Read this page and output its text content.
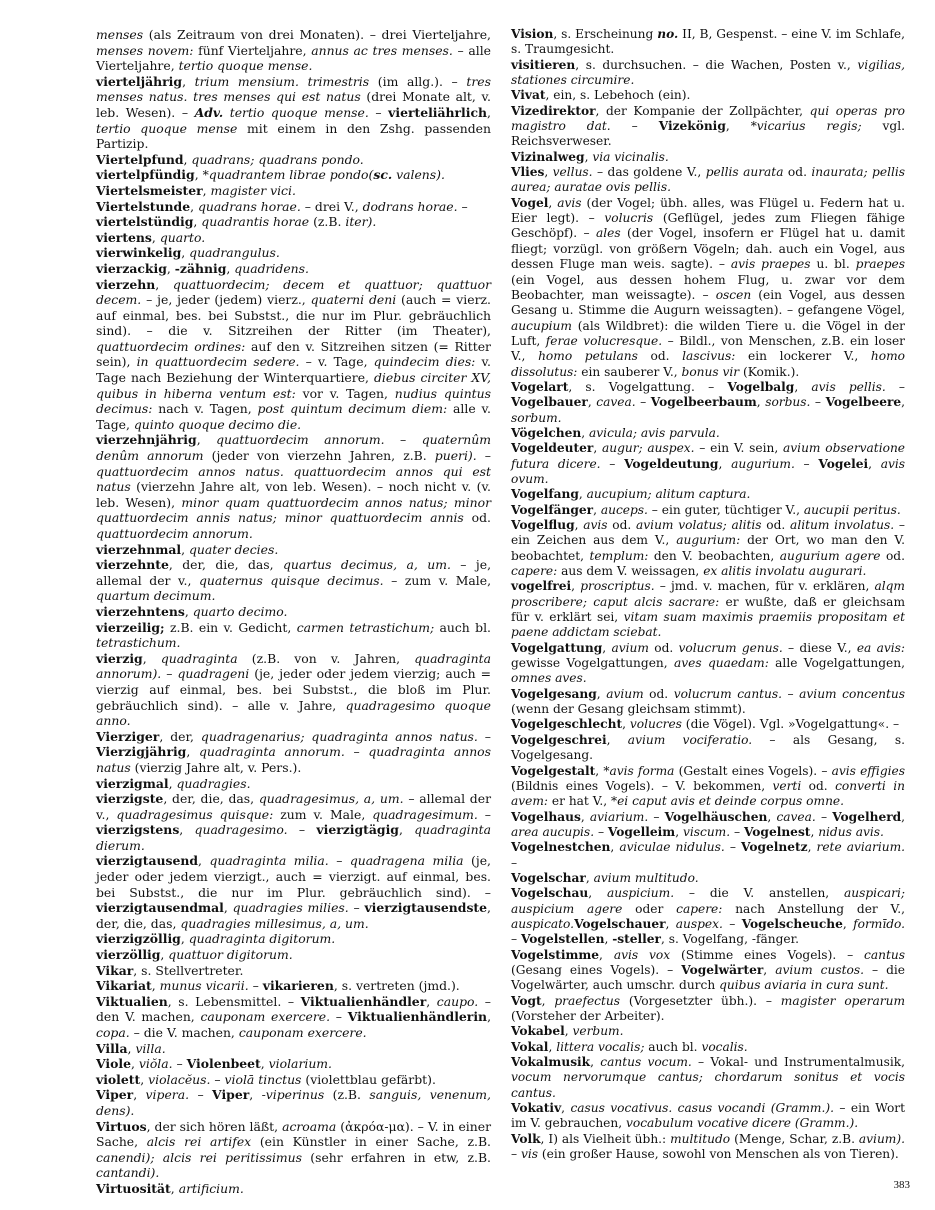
menses (als Zeitraum von drei Monaten). – drei Vierteljahre, menses novem: fünf Vierteljahre, annus ac tres menses. – alle Vierteljahre, tertio quoque mense.

vierteljährig, trium mensium. trimestris (im allg.). – tres menses natus. tres menses qui est natus (drei Monate alt, v. leb. Wesen). – Adv. tertio quoque mense. – vierteliährlich, tertio quoque mense mit einem in den Zshg. passenden Partizip.

Viertelpfund, quadrans; quadrans pondo.

viertelpfündig, *quadrantem librae pondo(sc. valens).

Viertelsmeister, magister vici.

Viertelstunde, quadrans horae. – drei V., dodrans horae. –

viertelstündig, quadrantis horae (z.B. iter).

viertens, quarto.

vierwinkelig, quadrangulus.

vierzackig, -zähnig, quadridens.

vierzehn, quattuordecim; decem et quattuor; quattuor decem. – je, jeder (jedem) vierz., quaterni deni (auch = vierz. auf einmal, bes. bei Substst., die nur im Plur. gebräuchlich sind). – die v. Sitzreihen der Ritter (im Theater), quattuordecim ordines: auf den v. Sitzreihen sitzen (= Ritter sein), in quattuordecim sedere. – v. Tage, quindecim dies: v. Tage nach Beziehung der Winterquartiere, diebus circiter XV, quibus in hiberna ventum est: vor v. Tagen, nudius quintus decimus: nach v. Tagen, post quintum decimum diem: alle v. Tage, quinto quoque decimo die.

vierzehnjährig, quattuordecim annorum. – quaternûm denûm annorum (jeder von vierzehn Jahren, z.B. pueri). – quattuordecim annos natus. quattuordecim annos qui est natus (vierzehn Jahre alt, von leb. Wesen). – noch nicht v. (v. leb. Wesen), minor quam quattuordecim annos natus; minor quattuordecim annis natus; minor quattuordecim annis od. quattuordecim annorum.

vierzehnmal, quater decies.

vierzehnte, der, die, das, quartus decimus, a, um. – je, allemal der v., quaternus quisque decimus. – zum v. Male, quartum decimum.

vierzehntens, quarto decimo.

vierzeilig; z.B. ein v. Gedicht, carmen tetrastichum; auch bl. tetrastichum.

vierzig, quadraginta (z.B. von v. Jahren, quadraginta annorum). – quadrageni (je, jeder oder jedem vierzig; auch = vierzig auf einmal, bes. bei Substst., die bloß im Plur. gebräuchlich sind). – alle v. Jahre, quadragesimo quoque anno.

Vierziger, der, quadragenarius; quadraginta annos natus. – Vierzigjährig, quadraginta annorum. – quadraginta annos natus (vierzig Jahre alt, v. Pers.).

vierzigmal, quadragies.

vierzigste, der, die, das, quadragesimus, a, um. – allemal der v., quadragesimus quisque: zum v. Male, quadragesimum. – vierzigstens, quadragesimo. – vierzigtägig, quadraginta dierum.

vierzigtausend, quadraginta milia. – quadragena milia (je, jeder oder jedem vierzigt., auch = vierzigt. auf einmal, bes. bei Substst., die nur im Plur. gebräuchlich sind). – vierzigtausendmal, quadragies milies. – vierzigtausendste, der, die, das, quadragies millesimus, a, um.

vierzigzöllig, quadraginta digitorum.

vierzöllig, quattuor digitorum.

Vikar, s. Stellvertreter.

Vikariat, munus vicarii. – vikarieren, s. vertreten (jmd.).

Viktualien, s. Lebensmittel. – Viktualienhändler, caupo. – den V. machen, cauponam exercere. – Viktualienhändlerin, copa. – die V. machen, cauponam exercere.

Villa, villa.

Viole, viŏla. – Violenbeet, violarium.

violett, violacĕus. – violā tinctus (violettblau gefärbt).

Viper, vipera. – Viper, -viperinus (z.B. sanguis, venenum, dens).

Virtuos, der sich hören läßt, acroama (ἀκρόα-μα). – V. in einer Sache, alcis rei artifex (ein Künstler in einer Sache, z.B. canendi); alcis rei peritissimus (sehr erfahren in etw, z.B. cantandi).

Virtuosität, artificium.

Vision, s. Erscheinung no. II, B, Gespenst. – eine V. im Schlafe, s. Traumgesicht.

visitieren, s. durchsuchen. – die Wachen, Posten v., vigilias, stationes circumire.

Vivat, ein, s. Lebehoch (ein).

Vizedirektor, der Kompanie der Zollpächter, qui operas pro magistro dat. – Vizekönig, *vicarius regis; vgl. Reichsverweser.

Vizinalweg, via vicinalis.

Vlies, vellus. – das goldene V., pellis aurata od. inaurata; pellis aurea; auratae ovis pellis.

Vogel, avis (der Vogel; übh. alles, was Flügel u. Federn hat u. Eier legt). – volucris (Geflügel, jedes zum Fliegen fähige Geschöpf). – ales (der Vogel, insofern er Flügel hat u. damit fliegt; vorzügl. von größern Vögeln; dah. auch ein Vogel, aus dessen Fluge man weis. sagte). – avis praepes u. bl. praepes (ein Vogel, aus dessen hohem Flug, u. zwar vor dem Beobachter, man weissagte). – oscen (ein Vogel, aus dessen Gesang u. Stimme die Augurn weissagten). – gefangene Vögel, aucupium (als Wildbret): die wilden Tiere u. die Vögel in der Luft, ferae volucresque. – Bildl., von Menschen, z.B. ein loser V., homo petulans od. lascivus: ein lockerer V., homo dissolutus: ein sauberer V., bonus vir (Komik.).

Vogelart, s. Vogelgattung. – Vogelbalg, avis pellis. – Vogelbauer, cavea. – Vogelbeerbaum, sorbus. – Vogelbeere, sorbum.

Vögelchen, avicula; avis parvula.

Vogeldeuter, augur; auspex. – ein V. sein, avium observatione futura dicere. – Vogeldeutung, augurium. – Vogelei, avis ovum.

Vogelfang, aucupium; alitum captura.

Vogelfänger, auceps. – ein guter, tüchtiger V., aucupii peritus.

Vogelflug, avis od. avium volatus; alitis od. alitum involatus. – ein Zeichen aus dem V., augurium: der Ort, wo man den V. beobachtet, templum: den V. beobachten, augurium agere od. capere: aus dem V. weissagen, ex alitis involatu augurari.

vogelfrei, proscriptus. – jmd. v. machen, für v. erklären, alqm proscribere; caput alcis sacrare: er wußte, daß er gleichsam für v. erklärt sei, vitam suam maximis praemiis propositam et paene addictam sciebat.

Vogelgattung, avium od. volucrum genus. – diese V., ea avis: gewisse Vogelgattungen, aves quaedam: alle Vogelgattungen, omnes aves.

Vogelgesang, avium od. volucrum cantus. – avium concentus (wenn der Gesang gleichsam stimmt).

Vogelgeschlecht, volucres (die Vögel). Vgl. »Vogelgattung«. –

Vogelgeschrei, avium vociferatio. – als Gesang, s. Vogelgesang.

Vogelgestalt, *avis forma (Gestalt eines Vogels). – avis effigies (Bildnis eines Vogels). – V. bekommen, verti od. converti in avem: er hat V., *ei caput avis et deinde corpus omne.

Vogelhaus, aviarium. – Vogelhäuschen, cavea. – Vogelherd, area aucupis. – Vogelleim, viscum. – Vogelnest, nidus avis.

Vogelnestchen, aviculae nidulus. – Vogelnetz, rete aviarium. –

Vogelschar, avium multitudo.

Vogelschau, auspicium. – die V. anstellen, auspicari; auspicium agere oder capere: nach Anstellung der V., auspicato.Vogelschauer, auspex. – Vogelscheuche, formīdo. – Vogelstellen, -steller, s. Vogelfang, -fänger.

Vogelstimme, avis vox (Stimme eines Vogels). – cantus (Gesang eines Vogels). – Vogelwärter, avium custos. – die Vogelwärter, auch umschr. durch quibus aviaria in cura sunt.

Vogt, praefectus (Vorgesetzter übh.). – magister operarum (Vorsteher der Arbeiter).

Vokabel, verbum.

Vokal, littera vocalis; auch bl. vocalis.

Vokalmusik, cantus vocum. – Vokal- und Instrumentalmusik, vocum nervorumque cantus; chordarum sonitus et vocis cantus.

Vokativ, casus vocativus. casus vocandi (Gramm.). – ein Wort im V. gebrauchen, vocabulum vocative dicere (Gramm.).

Volk, I) als Vielheit übh.: multitudo (Menge, Schar, z.B. avium). – vis (ein großer Hause, sowohl von Menschen als von Tieren).

383
